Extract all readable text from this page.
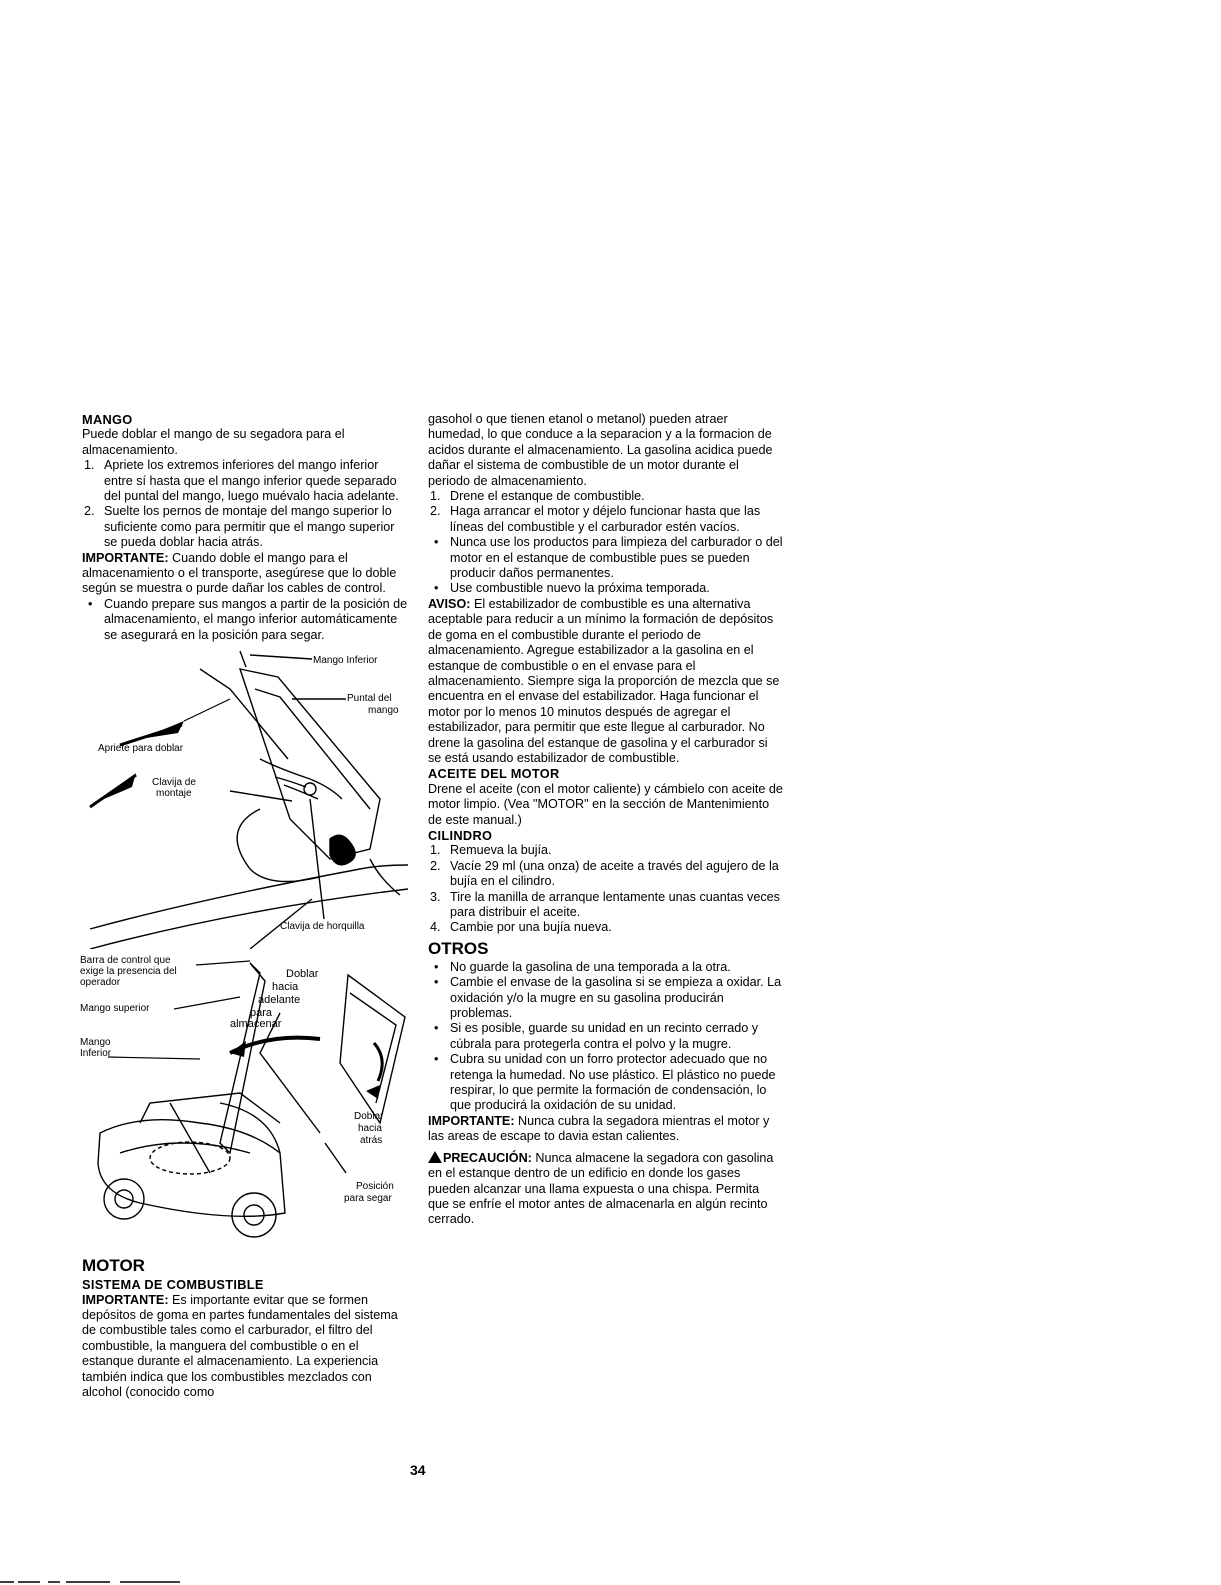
MANGO

Puede doblar el mango de su segadora para el almacenamiento.

1. Apriete los extremos inferiores del mango inferior entre sí hasta que el mango inferior quede separado del puntal del mango, luego muévalo hacia adelante.
2. Suelte los pernos de montaje del mango superior lo suficiente como para permitir que el mango superior se pueda doblar hacia atrás.

IMPORTANTE: Cuando doble el mango para el almacenamiento o el transporte, asegúrese que lo doble según se muestra o purde dañar los cables de control.

• Cuando prepare sus mangos a partir de la posición de almacenamiento, el mango inferior automáticamente se asegurará en la posición para segar.
Mango Inferior
Apriete para doblar
Puntal del
mango
Clavija de
montaje
Clavija de horquilla
Barra de control que
exige la presencia del
operador
Mango superior
Mango
Inferior
Doblar
hacia
adelante
para
almacenar
Doblar
hacia
atrás
Posición
para segar
MOTOR
SISTEMA DE COMBUSTIBLE

IMPORTANTE: Es importante evitar que se formen depósitos de goma en partes fundamentales del sistema de combustible tales como el carburador, el filtro del combustible, la manguera del combustible o en el estanque durante el almacenamiento. La experiencia también indica que los combustibles mezclados con alcohol (conocido como

gasohol o que tienen etanol o metanol) pueden atraer humedad, lo que conduce a la separacion y a la formacion de acidos durante el almacenamiento. La gasolina acidica puede dañar el sistema de combustible de un motor durante el periodo de almacenamiento.

1. Drene el estanque de combustible.
2. Haga arrancar el motor y déjelo funcionar hasta que las líneas del combustible y el carburador estén vacíos.
• Nunca use los productos para limpieza del carburador o del motor en el estanque de combustible pues se pueden producir daños permanentes.
• Use combustible nuevo la próxima temporada.

AVISO: El estabilizador de combustible es una alternativa aceptable para reducir a un mínimo la formación de depósitos de goma en el combustible durante el periodo de almacenamiento. Agregue estabilizador a la gasolina en el estanque de combustible o en el envase para el almacenamiento. Siempre siga la proporción de mezcla que se encuentra en el envase del estabilizador. Haga funcionar el motor por lo menos 10 minutos después de agregar el estabilizador, para permitir que este llegue al carburador. No drene la gasolina del estanque de gasolina y el carburador si se está usando estabilizador de combustible.

ACEITE DEL MOTOR

Drene el aceite (con el motor caliente) y cámbielo con aceite de motor limpio. (Vea "MOTOR" en la sección de Mantenimiento de este manual.)

CILINDRO
1. Remueva la bujía.
2. Vacíe 29 ml (una onza) de aceite a través del agujero de la bujía en el cilindro.
3. Tire la manilla de arranque lentamente unas cuantas veces para distribuir el aceite.
4. Cambie por una bujía nueva.
OTROS
• No guarde la gasolina de una temporada a la otra.
• Cambie el envase de la gasolina si se empieza a oxidar. La oxidación y/o la mugre en su gasolina producirán problemas.
• Si es posible, guarde su unidad en un recinto cerrado y cúbrala para protegerla contra el polvo y la mugre.
• Cubra su unidad con un forro protector adecuado que no retenga la humedad. No use plástico. El plástico no puede respirar, lo que permite la formación de condensación, lo que producirá la oxidación de su unidad.

IMPORTANTE: Nunca cubra la segadora mientras el motor y las areas de escape to davia estan calientes.

PRECAUCIÓN: Nunca almacene la segadora con gasolina en el estanque dentro de un edificio en donde los gases pueden alcanzar una llama expuesta o una chispa. Permita que se enfríe el motor antes de almacenarla en algún recinto cerrado.

34
